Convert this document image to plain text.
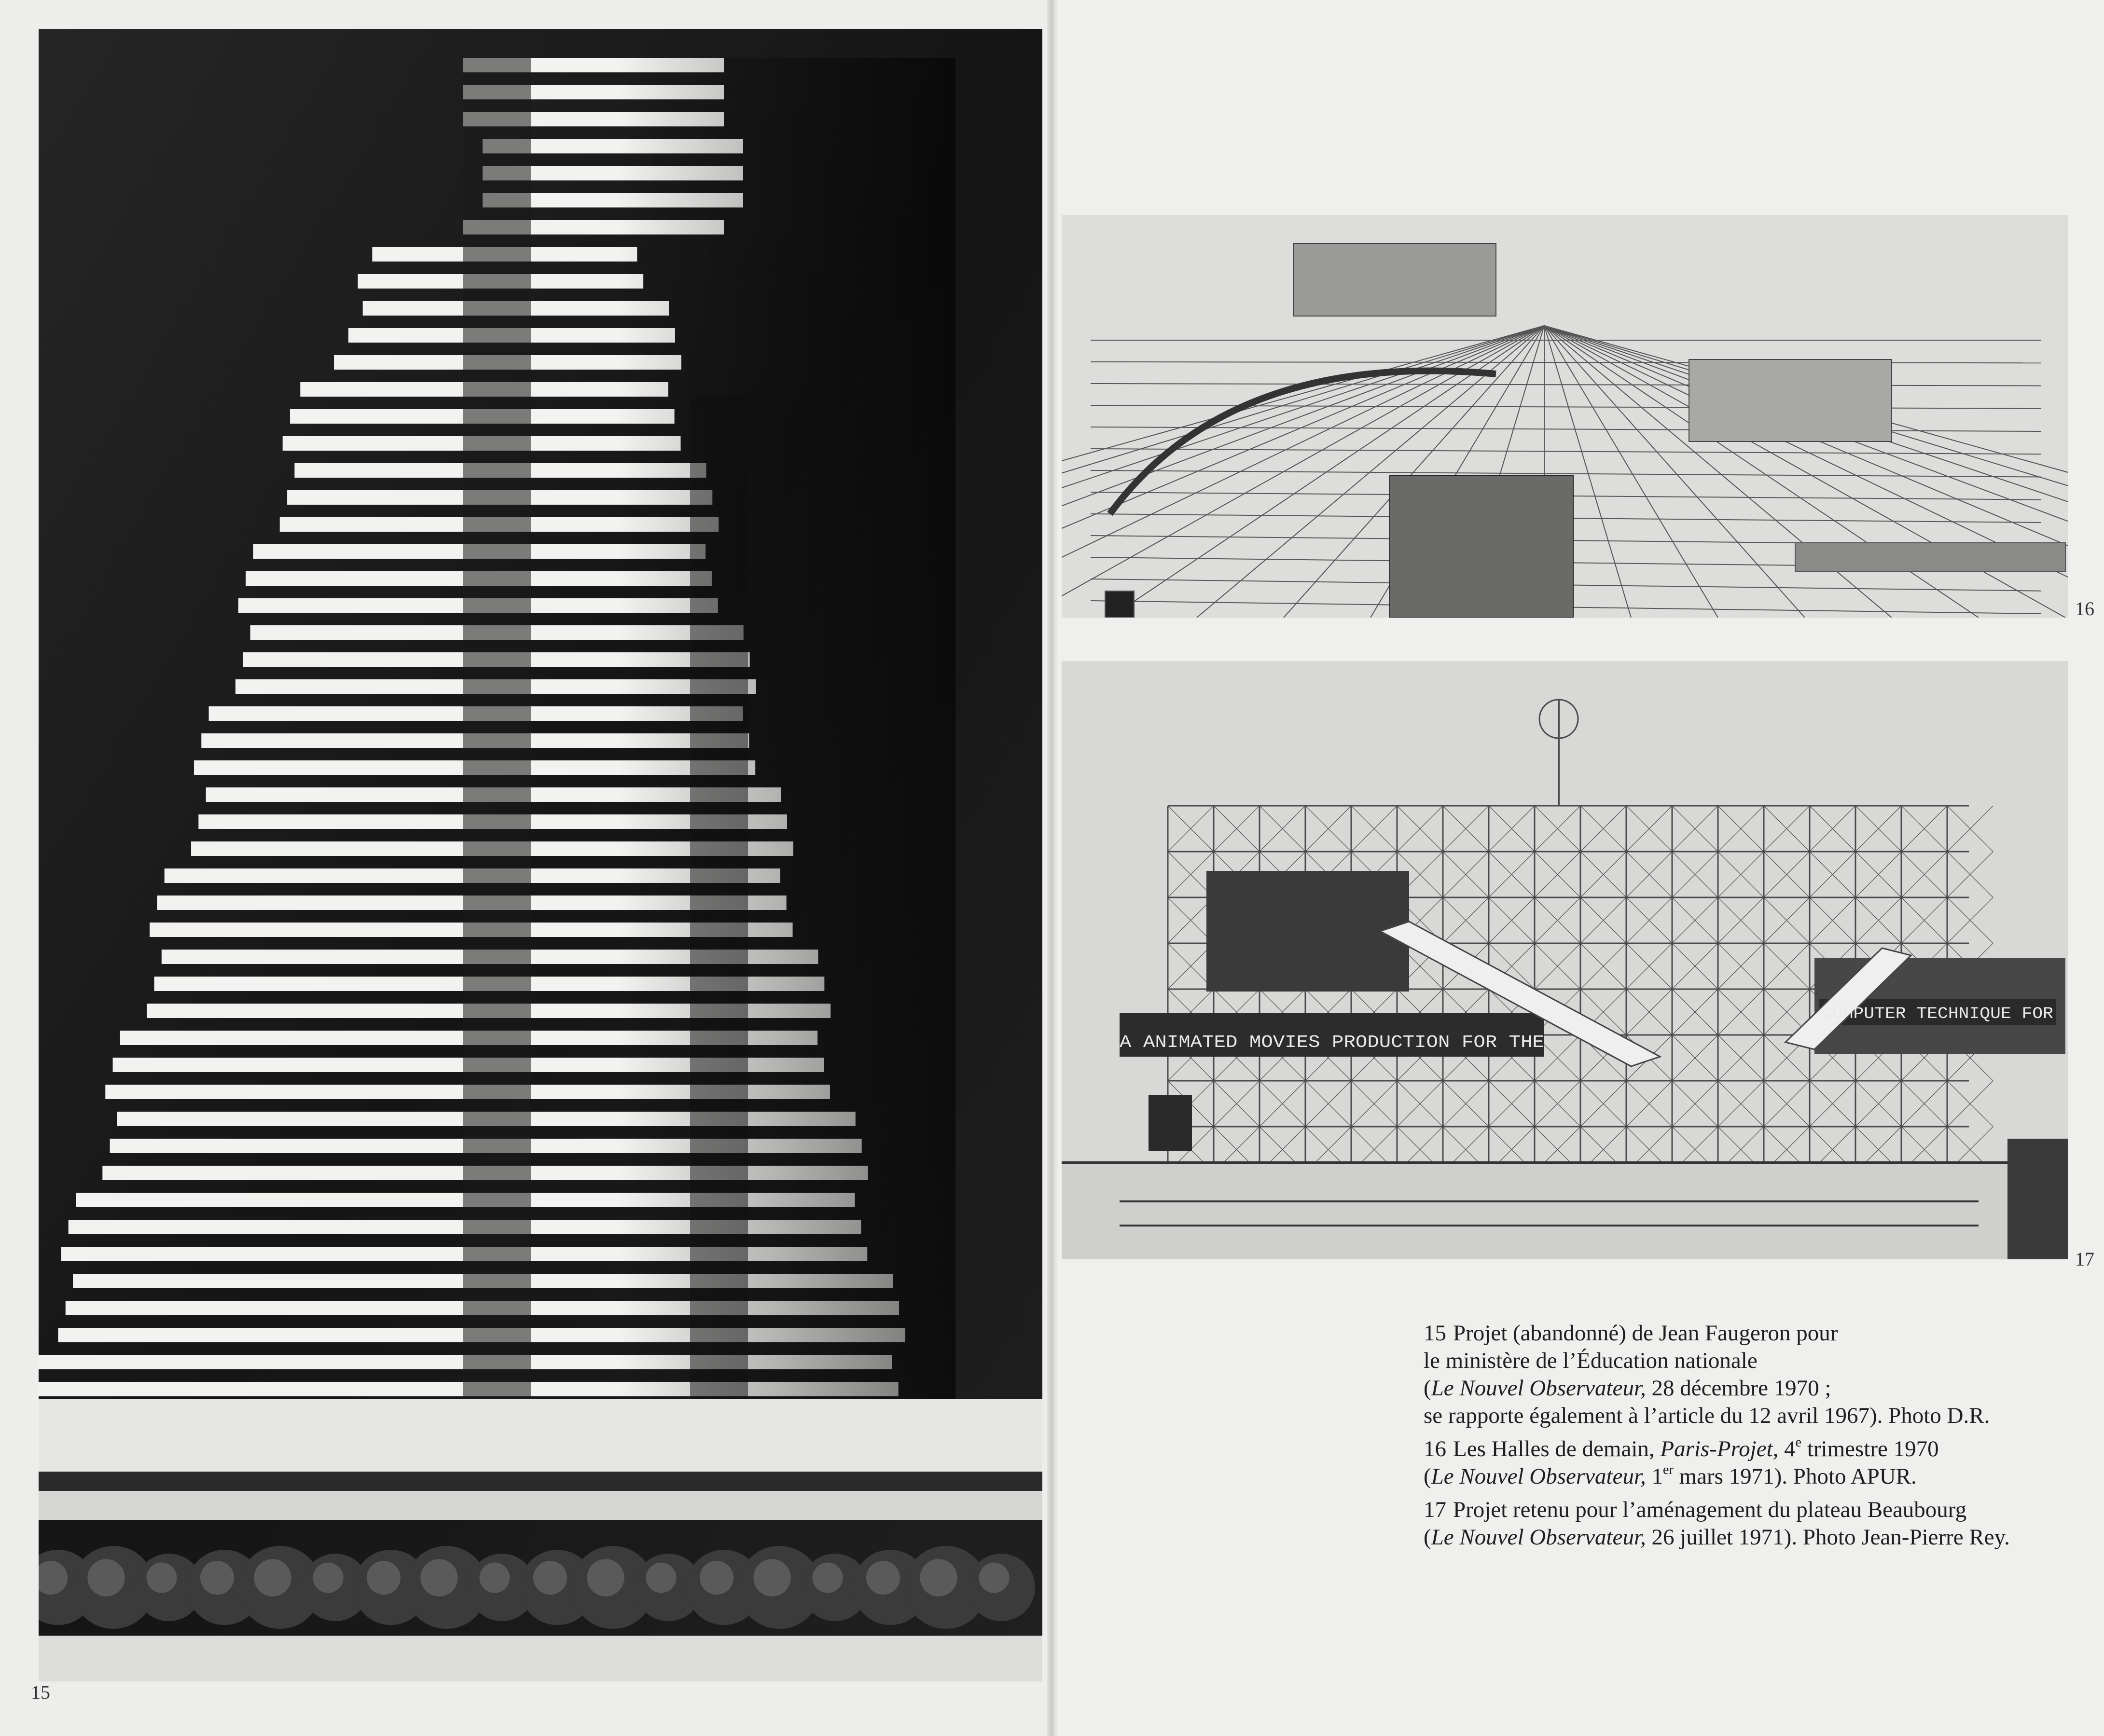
15
16
A ANIMATED MOVIES PRODUCTION FOR THE
COMPUTER TECHNIQUE FOR
17

15 Projet (abandonné) de Jean Faugeron pour
le ministère de l’Éducation nationale
(Le Nouvel Observateur, 28 décembre 1970 ;
se rapporte également à l’article du 12 avril 1967). Photo D.R.

16 Les Halles de demain, Paris-Projet, 4e trimestre 1970
(Le Nouvel Observateur, 1er mars 1971). Photo APUR.

17 Projet retenu pour l’aménagement du plateau Beaubourg
(Le Nouvel Observateur, 26 juillet 1971). Photo Jean-Pierre Rey.
